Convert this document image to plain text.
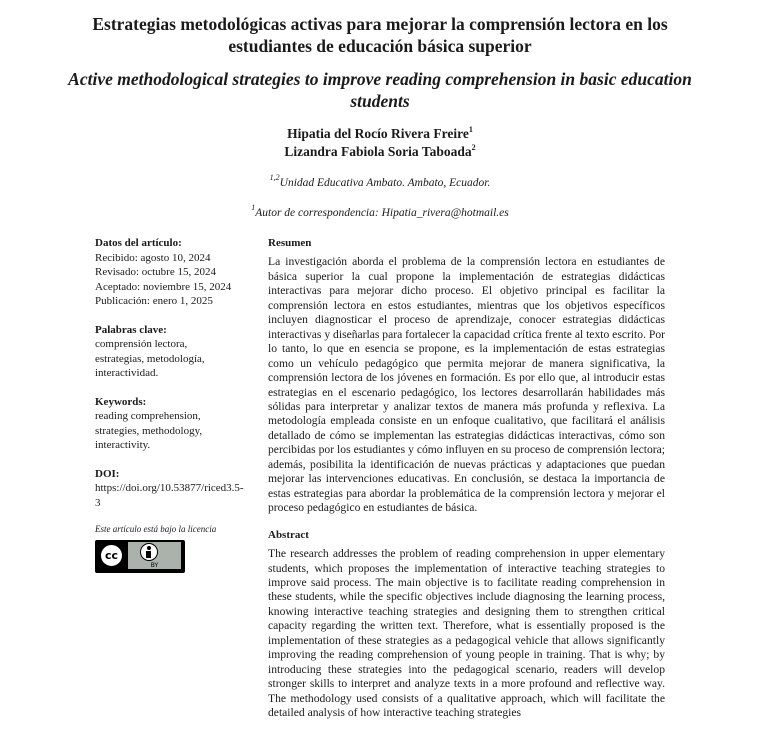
Estrategias metodológicas activas para mejorar la comprensión lectora en los estudiantes de educación básica superior
Active methodological strategies to improve reading comprehension in basic education students
Hipatia del Rocío Rivera Freire$^1$
Lizandra Fabiola Soria Taboada$^2$
$^{1,2}$Unidad Educativa Ambato. Ambato, Ecuador.
$^1$Autor de correspondencia: Hipatia_rivera@hotmail.es
Datos del artículo:
Recibido: agosto 10, 2024
Revisado: octubre 15, 2024
Aceptado: noviembre 15, 2024
Publicación: enero 1, 2025
Palabras clave:
comprensión lectora,
estrategias, metodología,
interactividad.
Keywords:
reading comprehension,
strategies, methodology,
interactivity.
DOI:
https://doi.org/10.53877/riced3.5-3
Este artículo está bajo la licencia
cc
BY
Resumen

La investigación aborda el problema de la comprensión lectora en estudiantes de básica superior la cual propone la implementación de estrategias didácticas interactivas para mejorar dicho proceso. El objetivo principal es facilitar la comprensión lectora en estos estudiantes, mientras que los objetivos específicos incluyen diagnosticar el proceso de aprendizaje, conocer estrategias didácticas interactivas y diseñarlas para fortalecer la capacidad crítica frente al texto escrito. Por lo tanto, lo que en esencia se propone, es la implementación de estas estrategias como un vehículo pedagógico que permita mejorar de manera significativa, la comprensión lectora de los jóvenes en formación. Es por ello que, al introducir estas estrategias en el escenario pedagógico, los lectores desarrollarán habilidades más sólidas para interpretar y analizar textos de manera más profunda y reflexiva. La metodología empleada consiste en un enfoque cualitativo, que facilitará el análisis detallado de cómo se implementan las estrategias didácticas interactivas, cómo son percibidas por los estudiantes y cómo influyen en su proceso de comprensión lectora; además, posibilita la identificación de nuevas prácticas y adaptaciones que puedan mejorar las intervenciones educativas. En conclusión, se destaca la importancia de estas estrategias para abordar la problemática de la comprensión lectora y mejorar el proceso pedagógico en estudiantes de básica.

Abstract

The research addresses the problem of reading comprehension in upper elementary students, which proposes the implementation of interactive teaching strategies to improve said process. The main objective is to facilitate reading comprehension in these students, while the specific objectives include diagnosing the learning process, knowing interactive teaching strategies and designing them to strengthen critical capacity regarding the written text. Therefore, what is essentially proposed is the implementation of these strategies as a pedagogical vehicle that allows significantly improving the reading comprehension of young people in training. That is why; by introducing these strategies into the pedagogical scenario, readers will develop stronger skills to interpret and analyze texts in a more profound and reflective way. The methodology used consists of a qualitative approach, which will facilitate the detailed analysis of how interactive teaching strategies
